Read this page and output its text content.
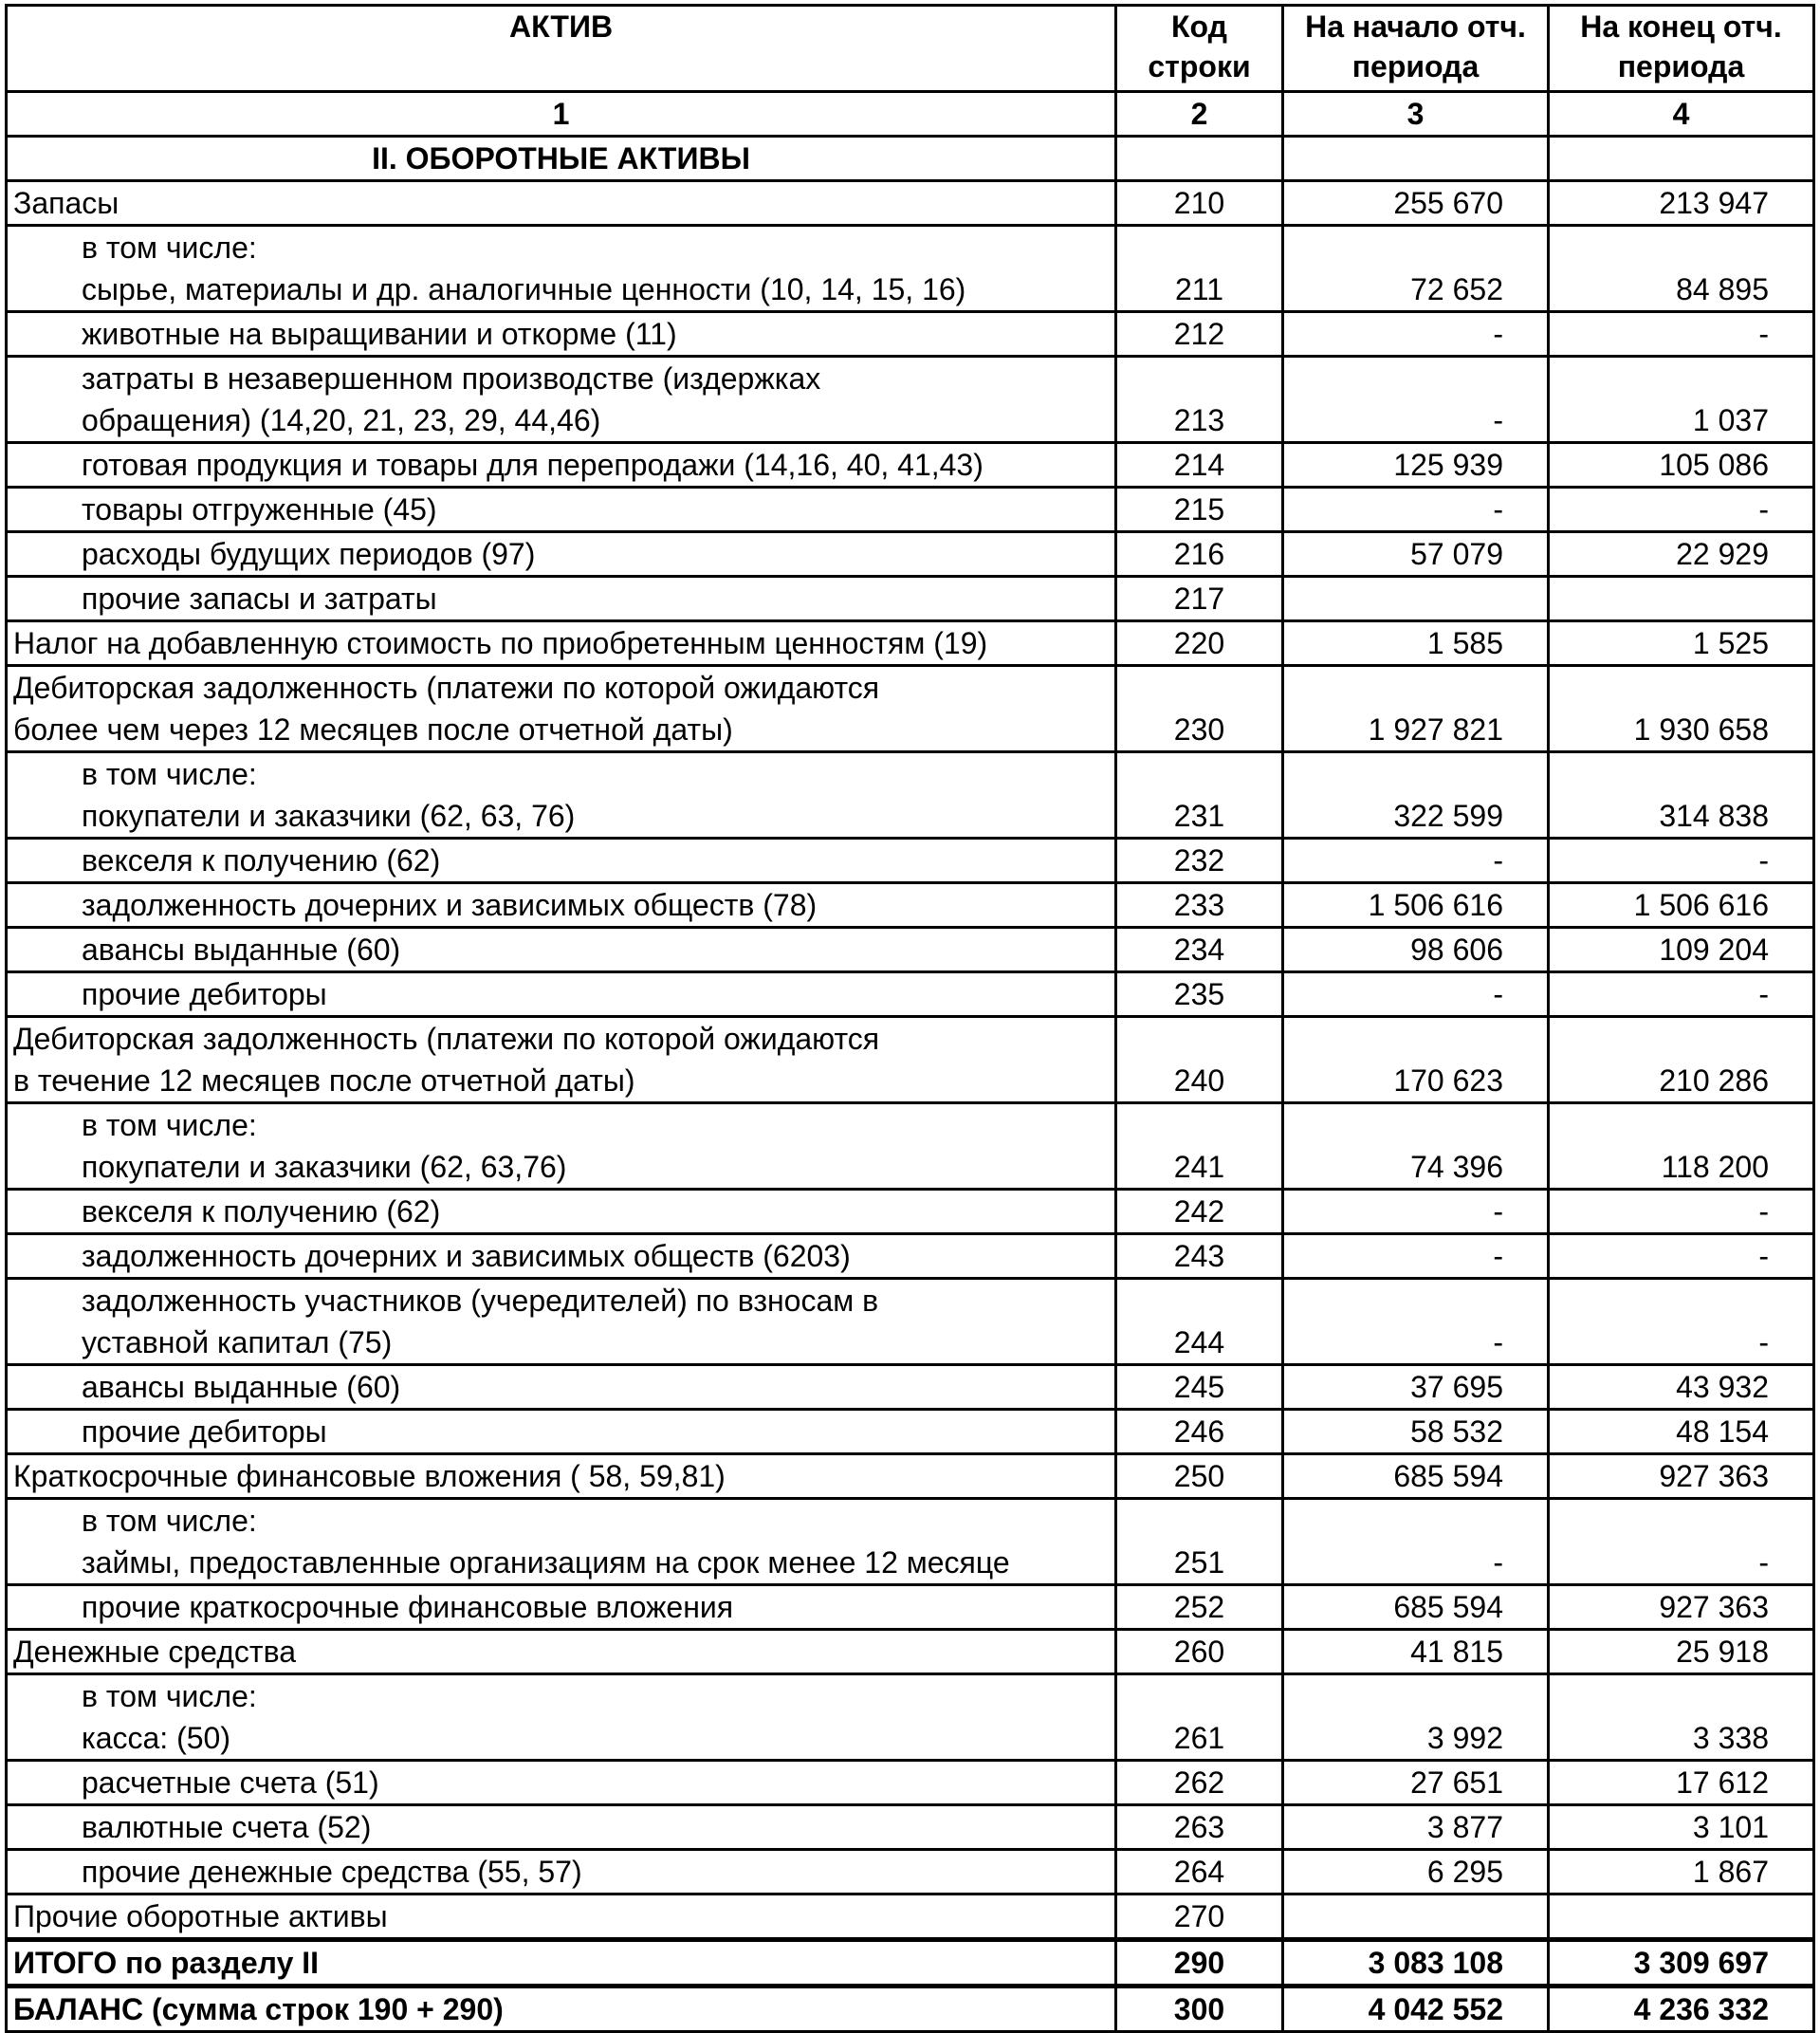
АКТИВ	Код строки	На начало отч. периода	На конец отч. периода
1	2	3	4
II. ОБОРОТНЫЕ АКТИВЫ			

Запасы	210	255 670	213 947

в том числе:
сырье, материалы и др. аналогичные ценности (10, 14, 15, 16)	211	72 652	84 895

животные на выращивании и откорме (11)	212	-	-

затраты в незавершенном производстве (издержках
обращения) (14,20, 21, 23, 29, 44,46)	213	-	1 037

готовая продукция и товары для перепродажи (14,16, 40, 41,43)	214	125 939	105 086

товары отгруженные (45)	215	-	-

расходы будущих периодов (97)	216	57 079	22 929

прочие запасы и затраты	217		

Налог на добавленную стоимость по приобретенным ценностям (19)	220	1 585	1 525

Дебиторская задолженность (платежи по которой ожидаются
более чем через 12 месяцев после отчетной даты)	230	1 927 821	1 930 658

в том числе:
покупатели и заказчики (62, 63, 76)	231	322 599	314 838

векселя к получению (62)	232	-	-

задолженность дочерних и зависимых обществ (78)	233	1 506 616	1 506 616

авансы выданные (60)	234	98 606	109 204

прочие дебиторы	235	-	-

Дебиторская задолженность (платежи по которой ожидаются
в течение 12 месяцев после отчетной даты)	240	170 623	210 286

в том числе:
покупатели и заказчики (62, 63,76)	241	74 396	118 200

векселя к получению (62)	242	-	-

задолженность дочерних и зависимых обществ (6203)	243	-	-

задолженность участников (учередителей) по взносам в
уставной капитал (75)	244	-	-

авансы выданные (60)	245	37 695	43 932

прочие дебиторы	246	58 532	48 154

Краткосрочные финансовые вложения ( 58, 59,81)	250	685 594	927 363

в том числе:
займы, предоставленные организациям на срок менее 12 месяце	251	-	-

прочие краткосрочные финансовые вложения	252	685 594	927 363

Денежные средства	260	41 815	25 918

в том числе:
касса: (50)	261	3 992	3 338

расчетные счета (51)	262	27 651	17 612

валютные счета (52)	263	3 877	3 101

прочие денежные средства (55, 57)	264	6 295	1 867

Прочие оборотные активы	270		

ИТОГО по разделу II	290	3 083 108	3 309 697

БАЛАНС (сумма строк 190 + 290)	300	4 042 552	4 236 332
